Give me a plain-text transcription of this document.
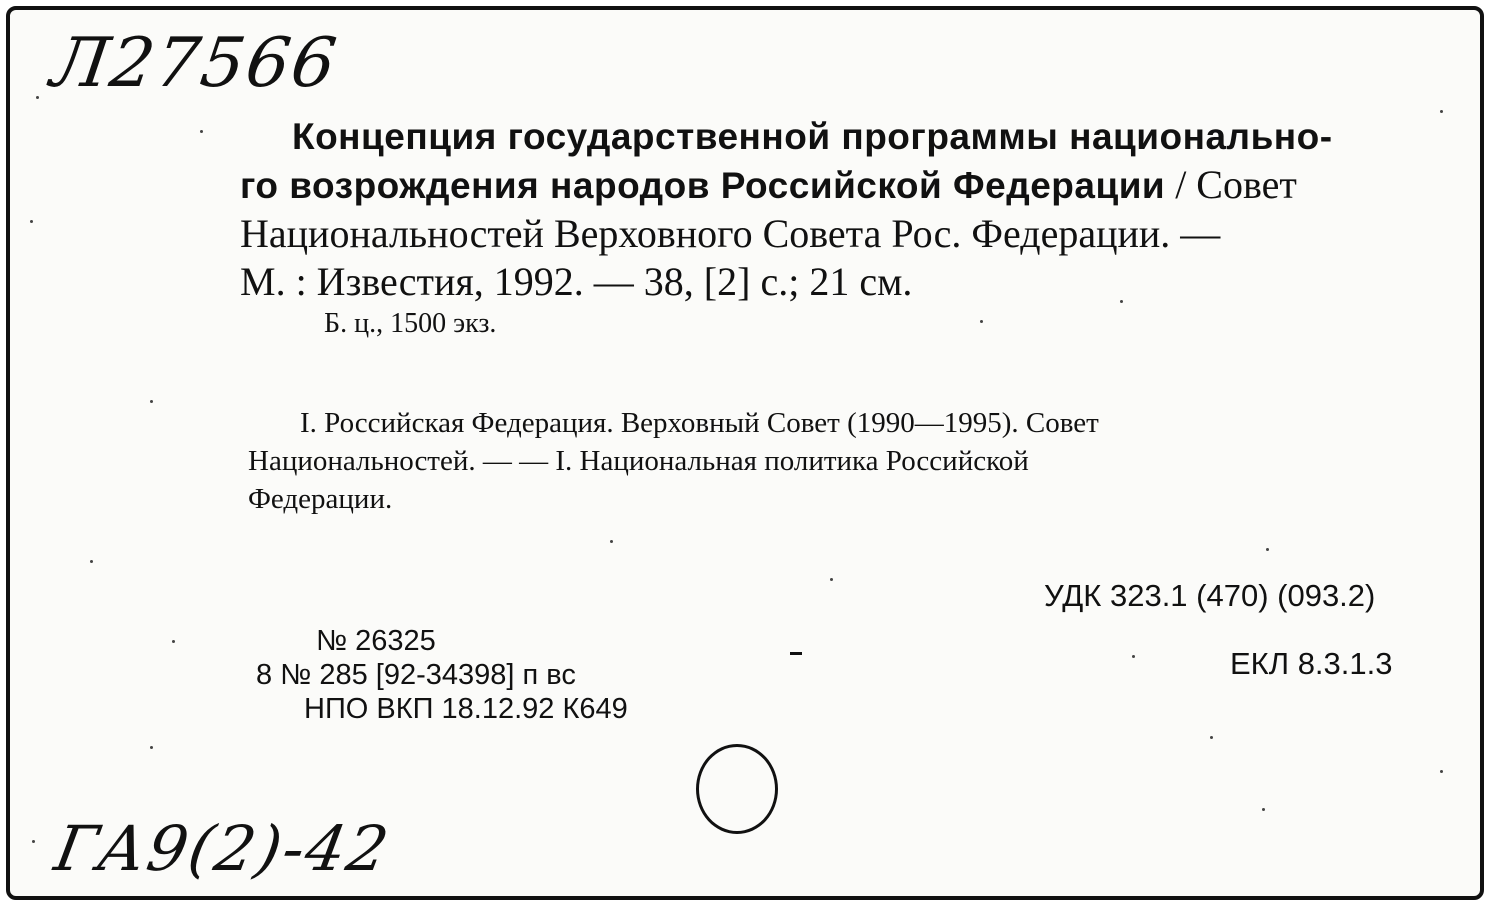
Л27566
Концепция государственной программы национально-
го возрождения народов Российской Федерации / Совет
Национальностей Верховного Совета Рос. Федерации. —
М. : Известия, 1992. — 38, [2] с.; 21 см.
Б. ц., 1500 экз.
I. Российская Федерация. Верховный Совет (1990—1995). Совет
Национальностей. — — I. Национальная политика Российской
Федерации.
УДК 323.1 (470) (093.2)
ЕКЛ 8.3.1.3
№ 26325
8 № 285 [92-34398] п вс
НПО ВКП 18.12.92 К649
ГА9(2)-42
